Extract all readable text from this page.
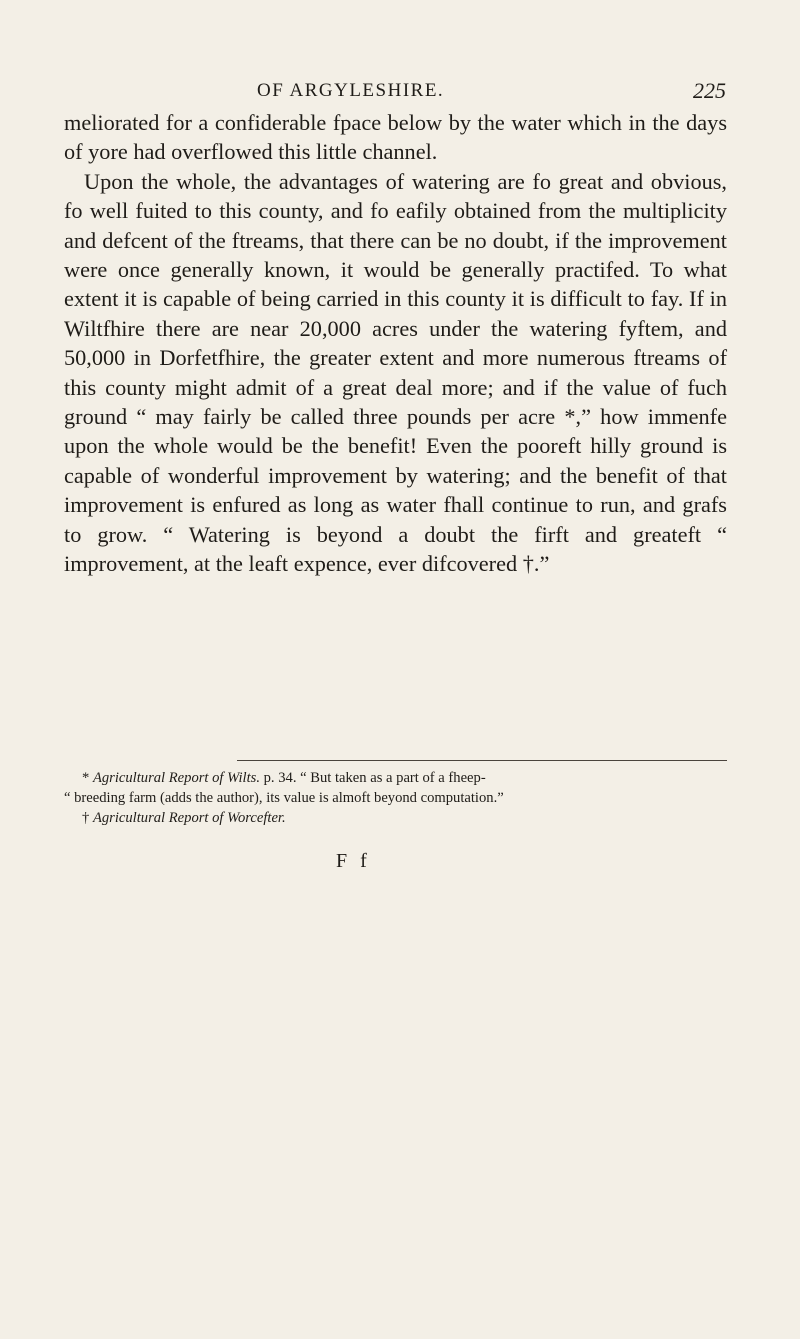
OF ARGYLESHIRE.	225

meliorated for a confiderable fpace below by the water which in the days of yore had overflowed this little channel.

Upon the whole, the advantages of watering are fo great and obvious, fo well fuited to this county, and fo eafily obtained from the multiplicity and defcent of the ftreams, that there can be no doubt, if the improvement were once generally known, it would be generally practifed. To what extent it is capable of being carried in this county it is difficult to fay. If in Wiltfhire there are near 20,000 acres under the watering fyftem, and 50,000 in Dorfetfhire, the greater extent and more numerous ftreams of this county might admit of a great deal more; and if the value of fuch ground “ may fairly be called three pounds per acre *,” how immenfe upon the whole would be the benefit! Even the pooreft hilly ground is capable of wonderful improvement by watering; and the benefit of that improvement is enfured as long as water fhall continue to run, and grafs to grow. “ Watering is beyond a doubt the firft and greateft “ improvement, at the leaft expence, ever difcovered †.”

* Agricultural Report of Wilts. p. 34. “ But taken as a part of a fheep-

“ breeding farm (adds the author), its value is almoft beyond computation.”

† Agricultural Report of Worcefter.

F f
